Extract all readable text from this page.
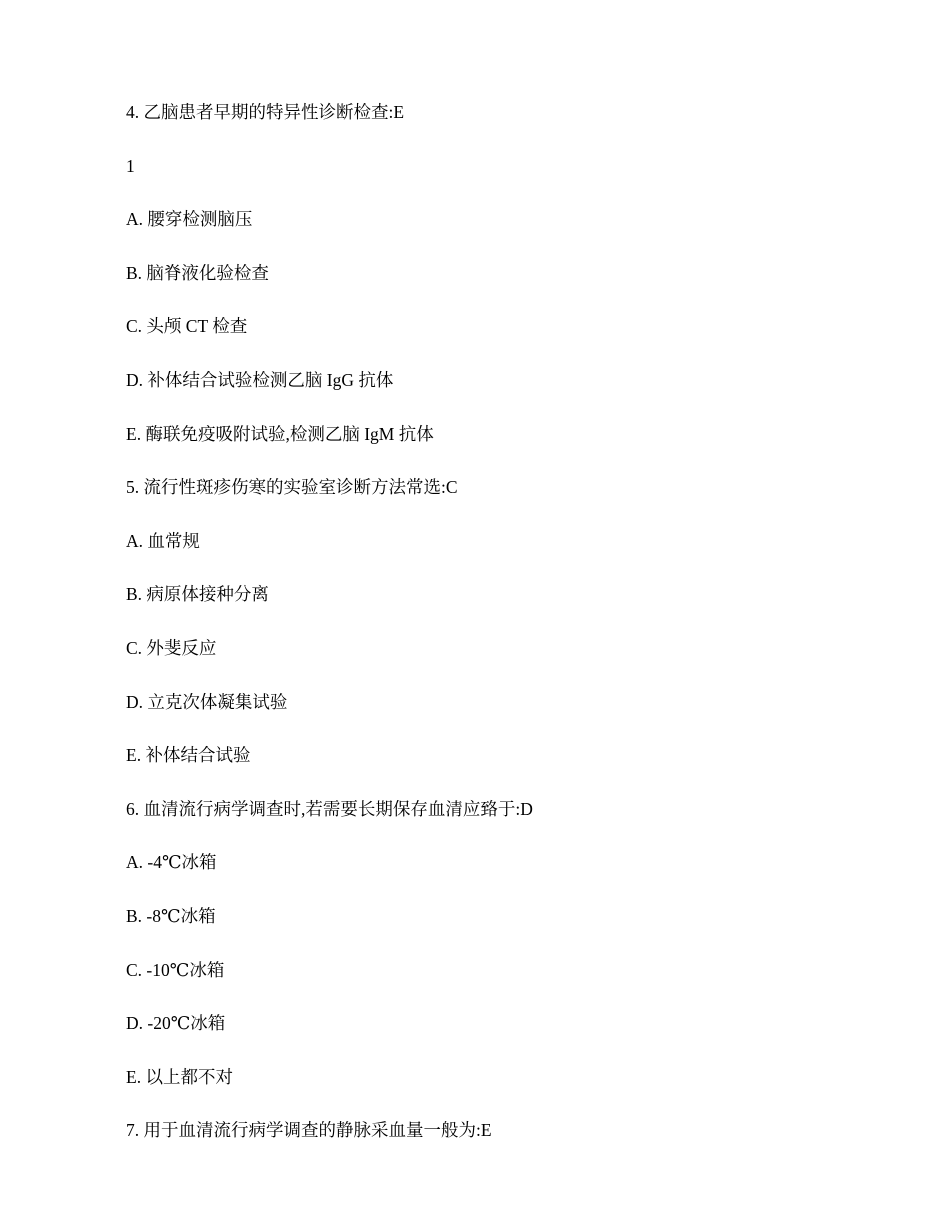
4. 乙脑患者早期的特异性诊断检查:E
1
A. 腰穿检测脑压
B. 脑脊液化验检查
C. 头颅 CT 检查
D. 补体结合试验检测乙脑 IgG 抗体
E. 酶联免疫吸附试验,检测乙脑 IgM 抗体
5. 流行性斑疹伤寒的实验室诊断方法常选:C
A. 血常规
B. 病原体接种分离
C. 外斐反应
D. 立克次体凝集试验
E. 补体结合试验
6. 血清流行病学调查时,若需要长期保存血清应臵于:D
A. -4℃冰箱
B. -8℃冰箱
C. -10℃冰箱
D. -20℃冰箱
E. 以上都不对
7. 用于血清流行病学调查的静脉采血量一般为:E
